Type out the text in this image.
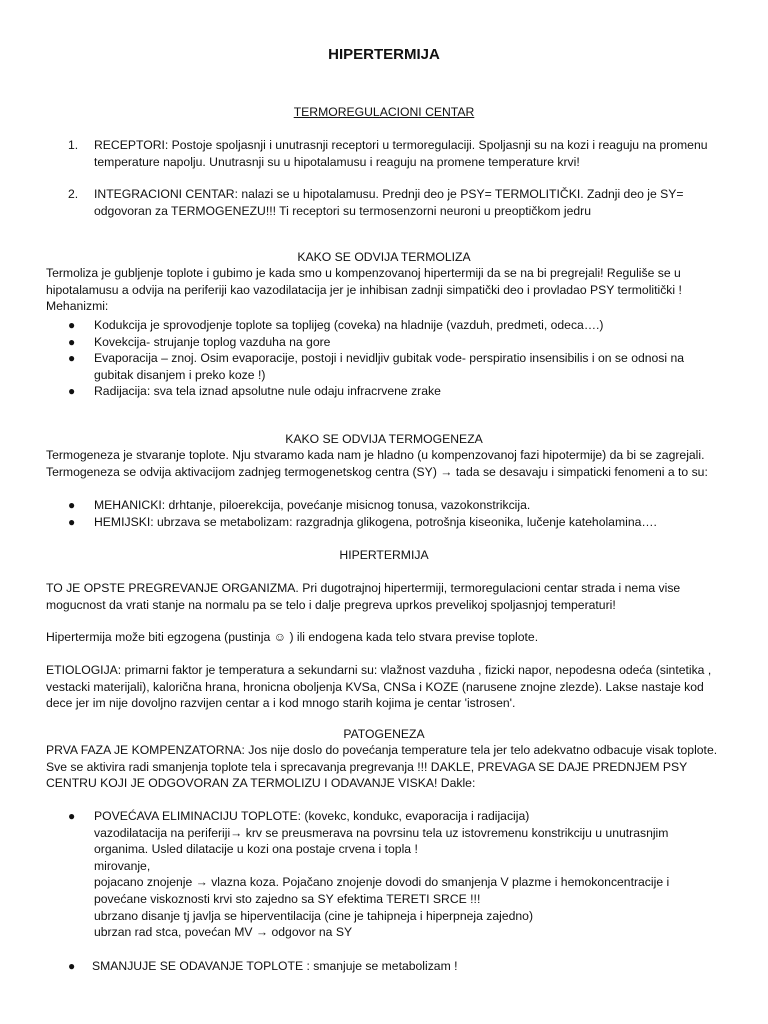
HIPERTERMIJA
TERMOREGULACIONI CENTAR
1. RECEPTORI: Postoje spoljasnji i unutrasnji receptori u termoregulaciji. Spoljasnji su na kozi i reaguju na promenu temperature napolju. Unutrasnji su u hipotalamusu i reaguju na promene temperature krvi!
2. INTEGRACIONI CENTAR: nalazi se u hipotalamusu. Prednji deo je PSY= TERMOLITIČKI. Zadnji deo je SY= odgovoran za TERMOGENEZU!!! Ti receptori su termosenzorni neuroni u preoptičkom jedru
KAKO SE ODVIJA TERMOLIZA

Termoliza je gubljenje toplote i gubimo je kada smo u kompenzovanoj hipertermiji da se na bi pregrejali! Reguliše se u hipotalamusu a odvija na periferiji kao vazodilatacija jer je inhibisan zadnji simpatički deo i provladao PSY termolitički ! Mehanizmi:

● Kodukcija je sprovodjenje toplote sa toplijeg (coveka) na hladnije (vazduh, predmeti, odeca….)
● Kovekcija- strujanje toplog vazduha na gore
● Evaporacija – znoj. Osim evaporacije, postoji i nevidljiv gubitak vode- perspiratio insensibilis i on se odnosi na gubitak disanjem i preko koze !)
● Radijacija: sva tela iznad apsolutne nule odaju infracrvene zrake
KAKO SE ODVIJA TERMOGENEZA

Termogeneza je stvaranje toplote. Nju stvaramo kada nam je hladno (u kompenzovanoj fazi hipotermije) da bi se zagrejali. Termogeneza se odvija aktivacijom zadnjeg termogenetskog centra (SY) → tada se desavaju i simpaticki fenomeni a to su:

● MEHANICKI: drhtanje, piloerekcija, povećanje misicnog tonusa, vazokonstrikcija.
● HEMIJSKI: ubrzava se metabolizam: razgradnja glikogena, potrošnja kiseonika, lučenje kateholamina….
HIPERTERMIJA

TO JE OPSTE PREGREVANJE ORGANIZMA. Pri dugotrajnoj hipertermiji, termoregulacioni centar strada i nema vise mogucnost da vrati stanje na normalu pa se telo i dalje pregreva uprkos prevelikoj spoljasnjoj temperaturi!

Hipertermija može biti egzogena (pustinja ☺ ) ili endogena kada telo stvara previse toplote.

ETIOLOGIJA: primarni faktor je temperatura a sekundarni su: vlažnost vazduha , fizicki napor, nepodesna odeća (sintetika , vestacki materijali), kalorična hrana, hronicna oboljenja KVSa, CNSa i KOZE (narusene znojne zlezde). Lakse nastaje kod dece jer im nije dovoljno razvijen centar a i kod mnogo starih kojima je centar 'istrosen'.

PATOGENEZA

PRVA FAZA JE KOMPENZATORNA: Jos nije doslo do povećanja temperature tela jer telo adekvatno odbacuje visak toplote. Sve se aktivira radi smanjenja toplote tela i sprecavanja pregrevanja !!! DAKLE, PREVAGA SE DAJE PREDNJEM PSY CENTRU KOJI JE ODGOVORAN ZA TERMOLIZU I ODAVANJE VISKA! Dakle:

● POVEĆAVA ELIMINACIJU TOPLOTE: (kovekc, kondukc, evaporacija i radijacija)
vazodilatacija na periferiji→ krv se preusmerava na povrsinu tela uz istovremenu konstrikciju u unutrasnjim organima. Usled dilatacije u kozi ona postaje crvena i topla !
mirovanje,
pojacano znojenje → vlazna koza. Pojačano znojenje dovodi do smanjenja V plazme i hemokoncentracije i povećane viskoznosti krvi sto zajedno sa SY efektima TERETI SRCE !!!
ubrzano disanje tj javlja se hiperventilacija (cine je tahipneja i hiperpneja zajedno)
ubrzan rad stca, povećan MV → odgovor na SY
● SMANJUJE SE ODAVANJE TOPLOTE : smanjuje se metabolizam !
